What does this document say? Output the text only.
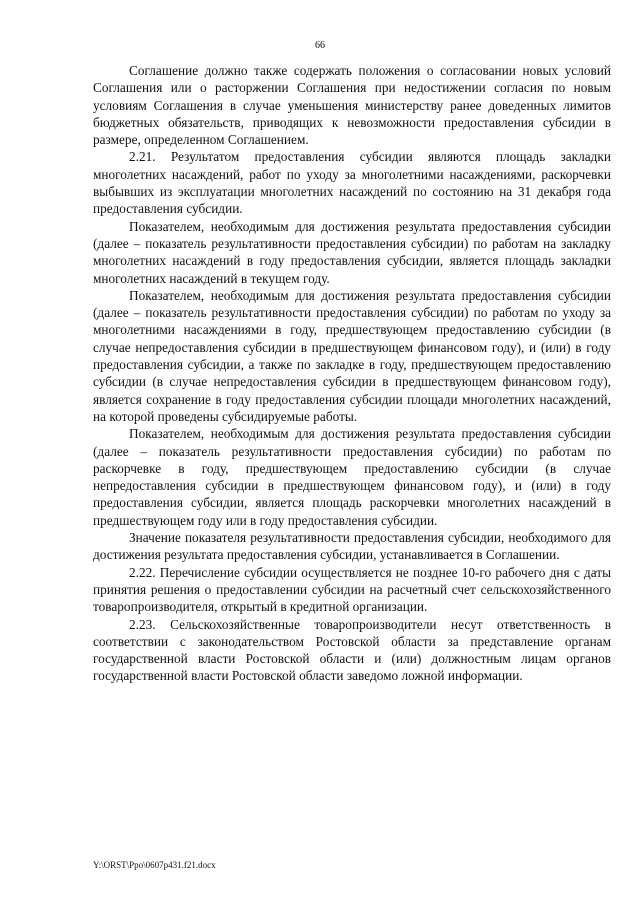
66

Соглашение должно также содержать положения о согласовании новых условий Соглашения или о расторжении Соглашения при недостижении согласия по новым условиям Соглашения в случае уменьшения министерству ранее доведенных лимитов бюджетных обязательств, приводящих к невозможности предоставления субсидии в размере, определенном Соглашением.

2.21. Результатом предоставления субсидии являются площадь закладки многолетних насаждений, работ по уходу за многолетними насаждениями, раскорчевки выбывших из эксплуатации многолетних насаждений по состоянию на 31 декабря года предоставления субсидии.

Показателем, необходимым для достижения результата предоставления субсидии (далее – показатель результативности предоставления субсидии) по работам на закладку многолетних насаждений в году предоставления субсидии, является площадь закладки многолетних насаждений в текущем году.

Показателем, необходимым для достижения результата предоставления субсидии (далее – показатель результативности предоставления субсидии) по работам по уходу за многолетними насаждениями в году, предшествующем предоставлению субсидии (в случае непредоставления субсидии в предшествующем финансовом году), и (или) в году предоставления субсидии, а также по закладке в году, предшествующем предоставлению субсидии (в случае непредоставления субсидии в предшествующем финансовом году), является сохранение в году предоставления субсидии площади многолетних насаждений, на которой проведены субсидируемые работы.

Показателем, необходимым для достижения результата предоставления субсидии (далее – показатель результативности предоставления субсидии) по работам по раскорчевке в году, предшествующем предоставлению субсидии (в случае непредоставления субсидии в предшествующем финансовом году), и (или) в году предоставления субсидии, является площадь раскорчевки многолетних насаждений в предшествующем году или в году предоставления субсидии.

Значение показателя результативности предоставления субсидии, необходимого для достижения результата предоставления субсидии, устанавливается в Соглашении.

2.22. Перечисление субсидии осуществляется не позднее 10-го рабочего дня с даты принятия решения о предоставлении субсидии на расчетный счет сельскохозяйственного товаропроизводителя, открытый в кредитной организации.

2.23. Сельскохозяйственные товаропроизводители несут ответственность в соответствии с законодательством Ростовской области за представление органам государственной власти Ростовской области и (или) должностным лицам органов государственной власти Ростовской области заведомо ложной информации.

Y:\ORST\Ppo\0607p431.f21.docx
